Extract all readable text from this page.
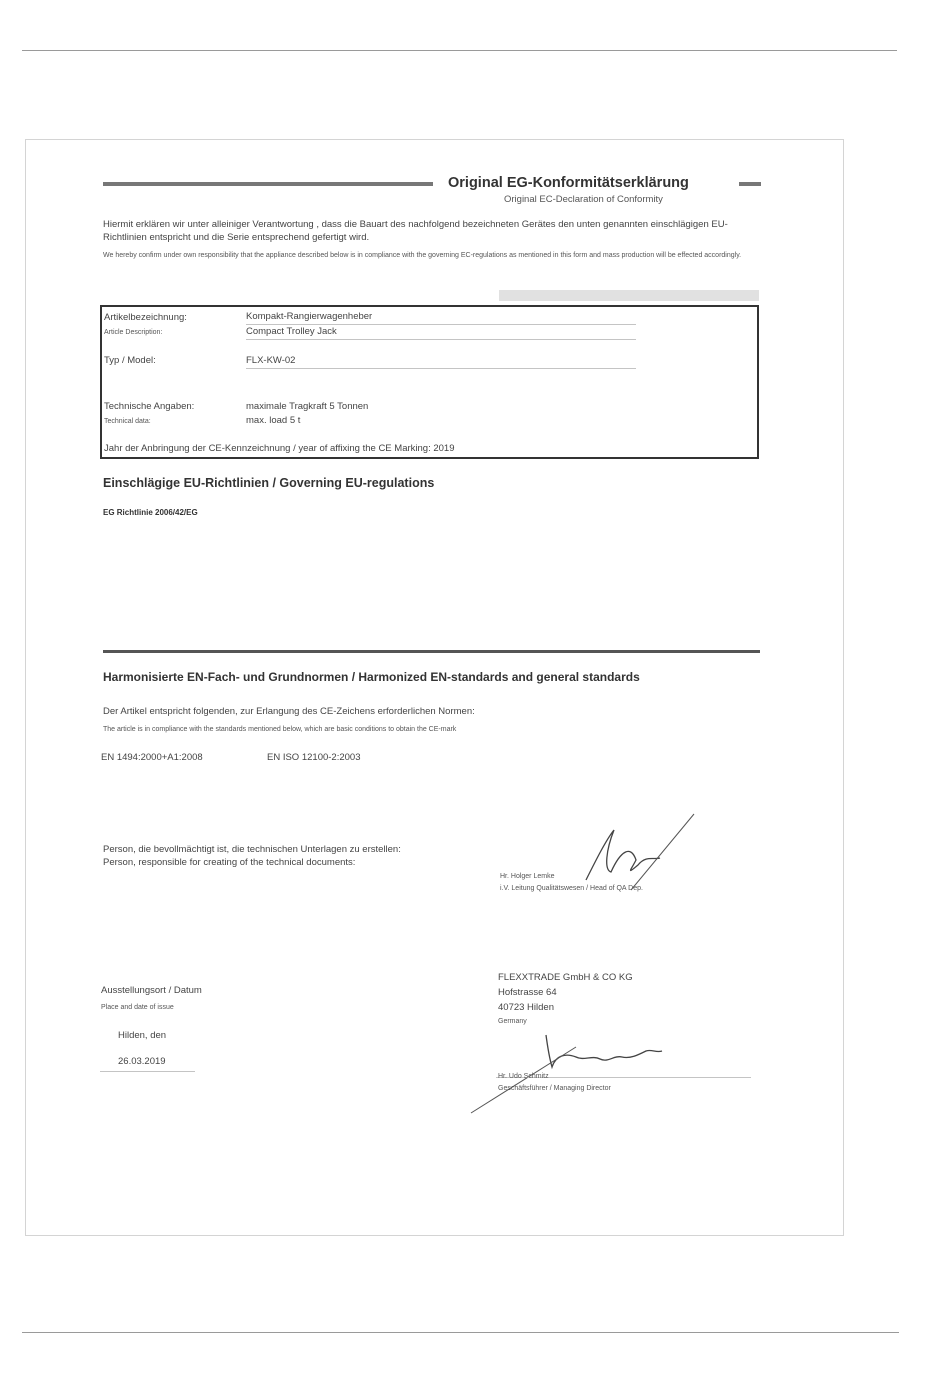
Original EG-Konformitätserklärung
Original EC-Declaration of Conformity
Hiermit erklären wir unter alleiniger Verantwortung , dass die Bauart des nachfolgend bezeichneten Gerätes den unten genannten einschlägigen EU-Richtlinien entspricht und die Serie entsprechend gefertigt wird.
We hereby confirm under own responsibility that the appliance described below is in compliance with the governing EC-regulations as mentioned in this form and mass production will be effected accordingly.
Artikelbezeichnung:
Article Description:
Kompakt-Rangierwagenheber
Compact Trolley Jack
Typ / Model:	FLX-KW-02
Technische Angaben:
Technical data:
maximale Tragkraft 5 Tonnen
max. load 5 t
Jahr der Anbringung der CE-Kennzeichnung / year of affixing the CE Marking: 2019
Einschlägige EU-Richtlinien / Governing EU-regulations
EG Richtlinie 2006/42/EG
Harmonisierte EN-Fach- und Grundnormen / Harmonized EN-standards and general standards
Der Artikel entspricht folgenden, zur Erlangung des CE-Zeichens erforderlichen Normen:
The article is in compliance with the standards mentioned below, which are basic conditions to obtain the CE-mark
EN 1494:2000+A1:2008	EN ISO 12100-2:2003
Person, die bevollmächtigt ist, die technischen Unterlagen zu erstellen:
Person, responsible for creating of the technical documents:
Hr. Holger Lemke
i.V. Leitung Qualitätswesen / Head of QA Dep.
Ausstellungsort / Datum
Place and date of issue
Hilden, den
26.03.2019
FLEXXTRADE GmbH & CO KG
Hofstrasse 64
40723 Hilden
Germany
Hr. Udo Schmitz
Geschäftsführer / Managing Director
